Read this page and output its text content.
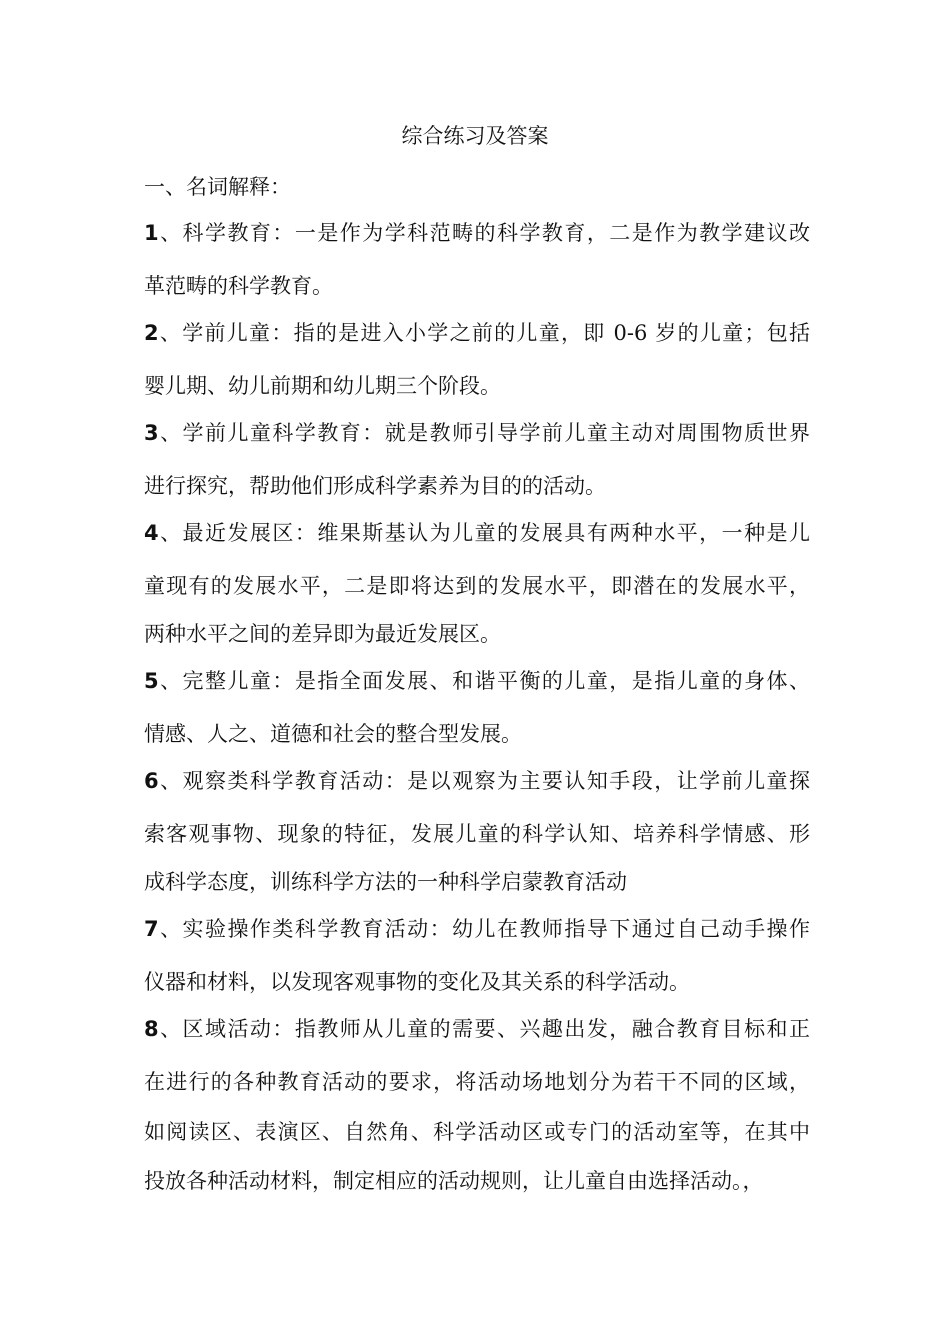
综合练习及答案
一、名词解释：
1、科学教育：一是作为学科范畴的科学教育，二是作为教学建议改
革范畴的科学教育。
2、学前儿童：指的是进入小学之前的儿童，即 0-6 岁的儿童；包括
婴儿期、幼儿前期和幼儿期三个阶段。
3、学前儿童科学教育：就是教师引导学前儿童主动对周围物质世界
进行探究，帮助他们形成科学素养为目的的活动。
4、最近发展区：维果斯基认为儿童的发展具有两种水平，一种是儿
童现有的发展水平，二是即将达到的发展水平，即潜在的发展水平，
两种水平之间的差异即为最近发展区。
5、完整儿童：是指全面发展、和谐平衡的儿童，是指儿童的身体、
情感、人之、道德和社会的整合型发展。
6、观察类科学教育活动：是以观察为主要认知手段，让学前儿童探
索客观事物、现象的特征，发展儿童的科学认知、培养科学情感、形
成科学态度，训练科学方法的一种科学启蒙教育活动
7、实验操作类科学教育活动：幼儿在教师指导下通过自己动手操作
仪器和材料，以发现客观事物的变化及其关系的科学活动。
8、区域活动：指教师从儿童的需要、兴趣出发，融合教育目标和正
在进行的各种教育活动的要求，将活动场地划分为若干不同的区域，
如阅读区、表演区、自然角、科学活动区或专门的活动室等，在其中
投放各种活动材料，制定相应的活动规则，让儿童自由选择活动。，
